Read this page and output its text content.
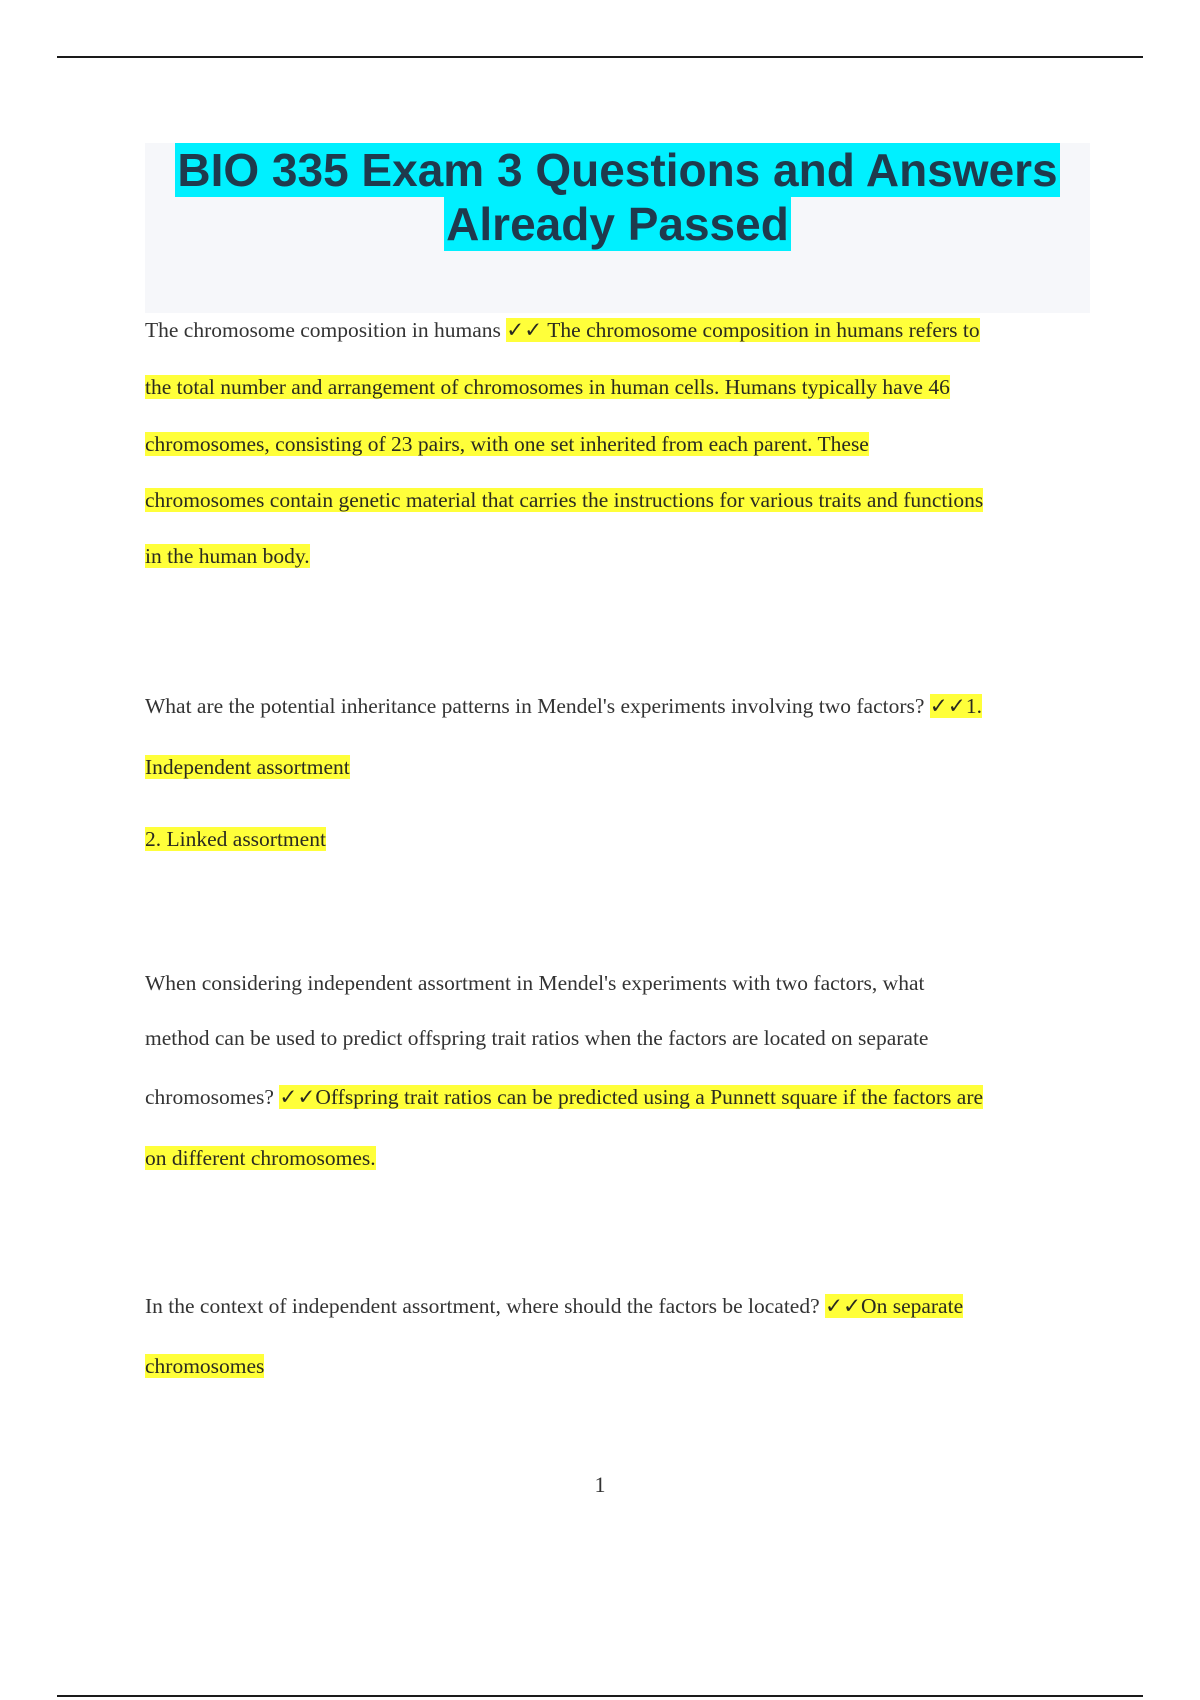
BIO 335 Exam 3 Questions and Answers
Already Passed
The chromosome composition in humans ✓✓ The chromosome composition in humans refers to
the total number and arrangement of chromosomes in human cells. Humans typically have 46
chromosomes, consisting of 23 pairs, with one set inherited from each parent. These
chromosomes contain genetic material that carries the instructions for various traits and functions
in the human body.
What are the potential inheritance patterns in Mendel's experiments involving two factors? ✓✓1.
Independent assortment
2. Linked assortment
When considering independent assortment in Mendel's experiments with two factors, what
method can be used to predict offspring trait ratios when the factors are located on separate
chromosomes? ✓✓Offspring trait ratios can be predicted using a Punnett square if the factors are
on different chromosomes.
In the context of independent assortment, where should the factors be located? ✓✓On separate
chromosomes
1
